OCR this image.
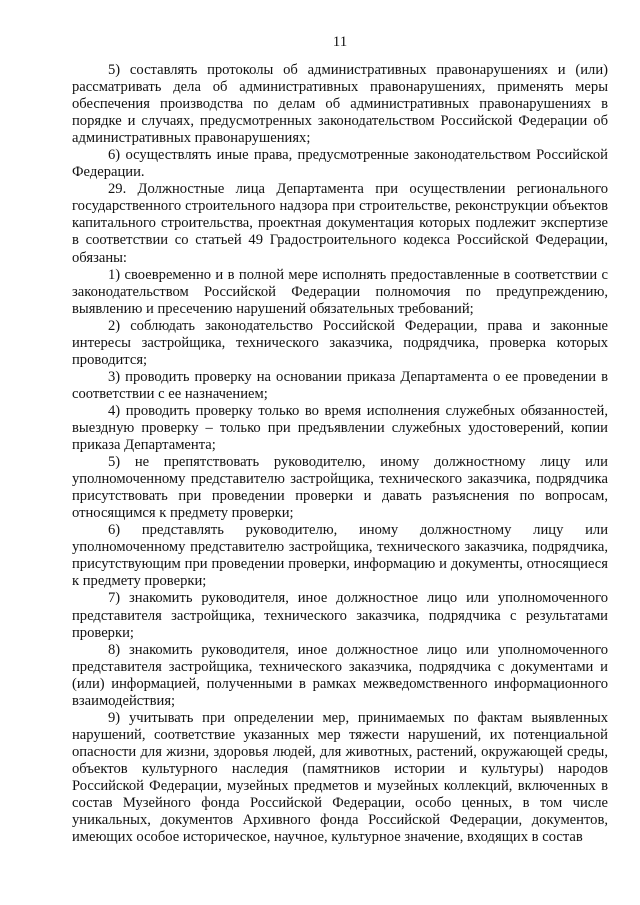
11

5) составлять протоколы об административных правонарушениях и (или) рассматривать дела об административных правонарушениях, применять меры обеспечения производства по делам об административных правонарушениях в порядке и случаях, предусмотренных законодательством Российской Федерации об административных правонарушениях;

6) осуществлять иные права, предусмотренные законодательством Российской Федерации.

29. Должностные лица Департамента при осуществлении регионального государственного строительного надзора при строительстве, реконструкции объектов капитального строительства, проектная документация которых подлежит экспертизе в соответствии со статьей 49 Градостроительного кодекса Российской Федерации, обязаны:

1) своевременно и в полной мере исполнять предоставленные в соответствии с законодательством Российской Федерации полномочия по предупреждению, выявлению и пресечению нарушений обязательных требований;

2) соблюдать законодательство Российской Федерации, права и законные интересы застройщика, технического заказчика, подрядчика, проверка которых проводится;

3) проводить проверку на основании приказа Департамента о ее проведении в соответствии с ее назначением;

4) проводить проверку только во время исполнения служебных обязанностей, выездную проверку – только при предъявлении служебных удостоверений, копии приказа Департамента;

5) не препятствовать руководителю, иному должностному лицу или уполномоченному представителю застройщика, технического заказчика, подрядчика присутствовать при проведении проверки и давать разъяснения по вопросам, относящимся к предмету проверки;

6) представлять руководителю, иному должностному лицу или уполномоченному представителю застройщика, технического заказчика, подрядчика, присутствующим при проведении проверки, информацию и документы, относящиеся к предмету проверки;

7) знакомить руководителя, иное должностное лицо или уполномоченного представителя застройщика, технического заказчика, подрядчика с результатами проверки;

8) знакомить руководителя, иное должностное лицо или уполномоченного представителя застройщика, технического заказчика, подрядчика с документами и (или) информацией, полученными в рамках межведомственного информационного взаимодействия;

9) учитывать при определении мер, принимаемых по фактам выявленных нарушений, соответствие указанных мер тяжести нарушений, их потенциальной опасности для жизни, здоровья людей, для животных, растений, окружающей среды, объектов культурного наследия (памятников истории и культуры) народов Российской Федерации, музейных предметов и музейных коллекций, включенных в состав Музейного фонда Российской Федерации, особо ценных, в том числе уникальных, документов Архивного фонда Российской Федерации, документов, имеющих особое историческое, научное, культурное значение, входящих в состав
